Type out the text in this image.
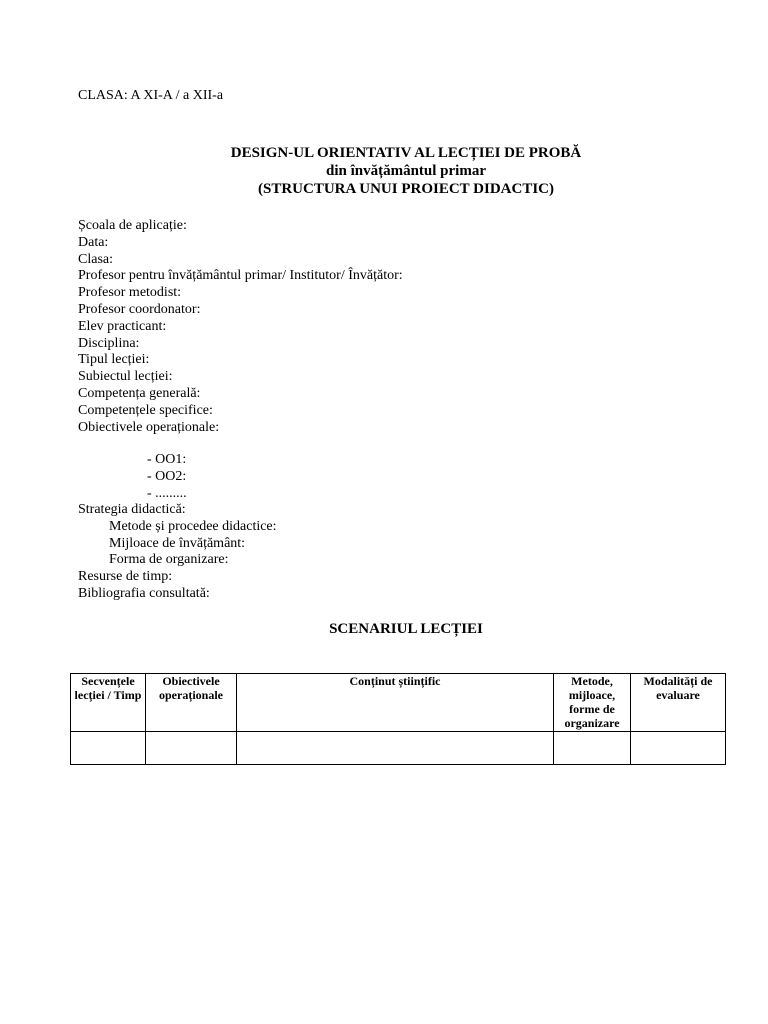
CLASA: A XI-A / a XII-a
DESIGN-UL ORIENTATIV AL LECȚIEI DE PROBĂ
din învățământul primar
(STRUCTURA UNUI PROIECT DIDACTIC)
Școala de aplicație:
Data:
Clasa:
Profesor pentru învățământul primar/ Institutor/ Învățător:
Profesor metodist:
Profesor coordonator:
Elev practicant:
Disciplina:
Tipul lecției:
Subiectul lecției:
Competența generală:
Competențele specifice:
Obiectivele operaționale:
- OO1:
- OO2:
- .........
Strategia didactică:
Metode și procedee didactice:
Mijloace de învățământ:
Forma de organizare:
Resurse de timp:
Bibliografia consultată:
SCENARIUL LECȚIEI
Secvențele lecției / Timp	Obiectivele operaționale	Conținut științific	Metode, mijloace, forme de organizare	Modalități de evaluare
